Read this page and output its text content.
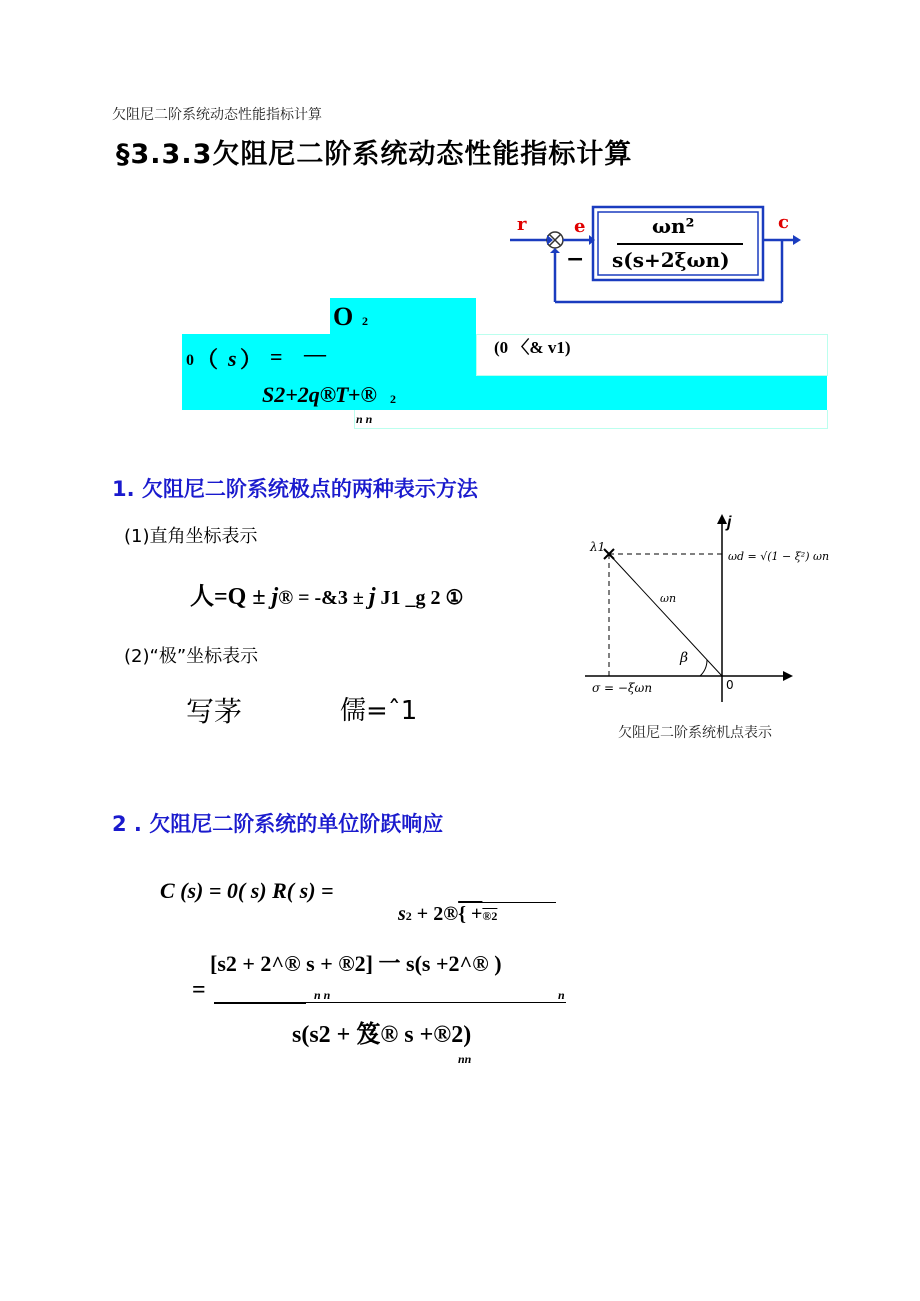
欠阻尼二阶系统动态性能指标计算
§3.3.3欠阻尼二阶系统动态性能指标计算
r	e
−
c
ωn²
s(s+2ξωn)
O 2
0 （ s ） = —	(0 〈& v1)
S2+2q®
T +® 2
n n
1. 欠阻尼二阶系统极点的两种表示方法
(1)直角坐标表示
人=Q ± j® = -&3 ± j J1 _g 2 ①
(2)“极”坐标表示
写茅	儒=ˆ1
j
λ1
ωd = √(1 − ξ²) ωn
ωn
β
0
σ = −ξωn
欠阻尼二阶系统机点表示
2 . 欠阻尼二阶系统的单位阶跃响应
C (s) = 0( s) R( s) =
s2 + 2®{ +®2
[s2 + 2^® s + ®2] 一 s(s +2^® )
=	n n	n
s(s2 + 笈® s +®2)
nn
